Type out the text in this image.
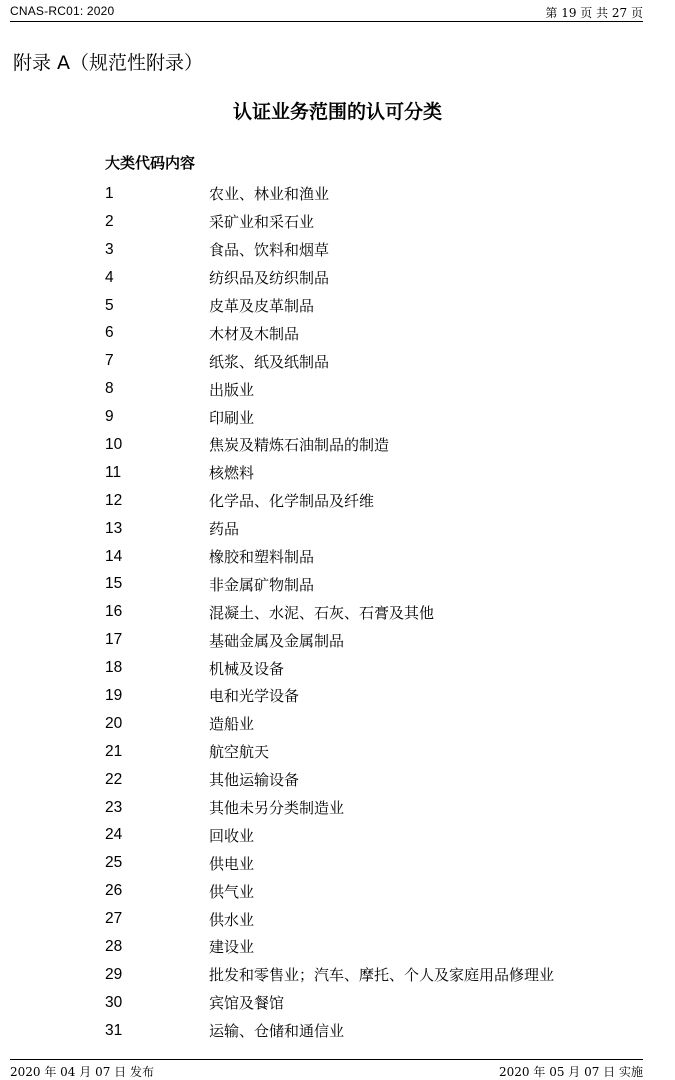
CNAS-RC01: 2020	第 19 页 共 27 页
附录 A（规范性附录）
认证业务范围的认可分类
大类代码内容
1	农业、林业和渔业
2	采矿业和采石业
3	食品、饮料和烟草
4	纺织品及纺织制品
5	皮革及皮革制品
6	木材及木制品
7	纸浆、纸及纸制品
8	出版业
9	印刷业
10	焦炭及精炼石油制品的制造
11	核燃料
12	化学品、化学制品及纤维
13	药品
14	橡胶和塑料制品
15	非金属矿物制品
16	混凝土、水泥、石灰、石膏及其他
17	基础金属及金属制品
18	机械及设备
19	电和光学设备
20	造船业
21	航空航天
22	其他运输设备
23	其他未另分类制造业
24	回收业
25	供电业
26	供气业
27	供水业
28	建设业
29	批发和零售业；汽车、摩托、个人及家庭用品修理业
30	宾馆及餐馆
31	运输、仓储和通信业
2020 年 04 月 07 日 发布	2020 年 05 月 07 日 实施
